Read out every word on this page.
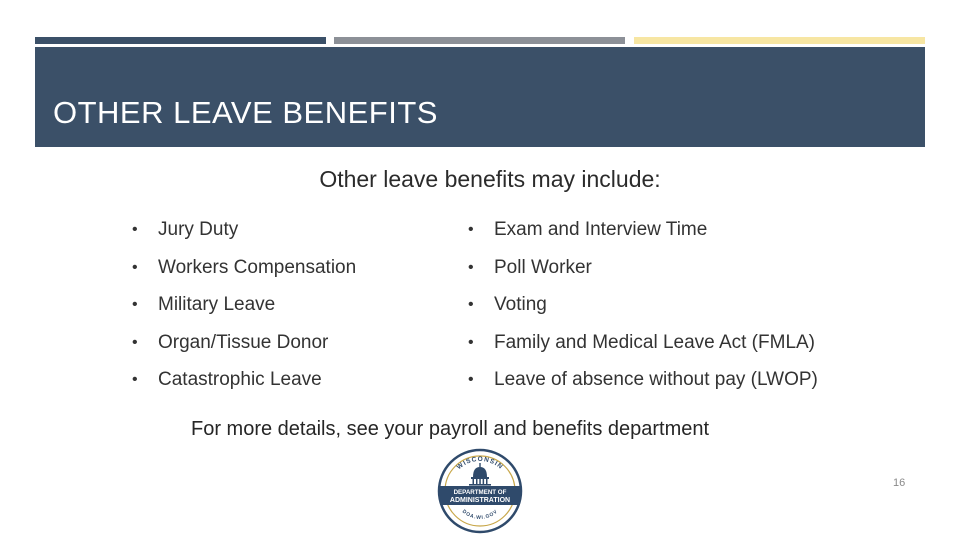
OTHER LEAVE BENEFITS
Other leave benefits may include:
• Jury Duty
• Workers Compensation
• Military Leave
• Organ/Tissue Donor
• Catastrophic Leave
• Exam and Interview Time
• Poll Worker
• Voting
• Family and Medical Leave Act (FMLA)
• Leave of absence without pay (LWOP)
For more details, see your payroll and benefits department
WISCONSIN
DEPARTMENT OF
ADMINISTRATION
DOA.WI.GOV
16
